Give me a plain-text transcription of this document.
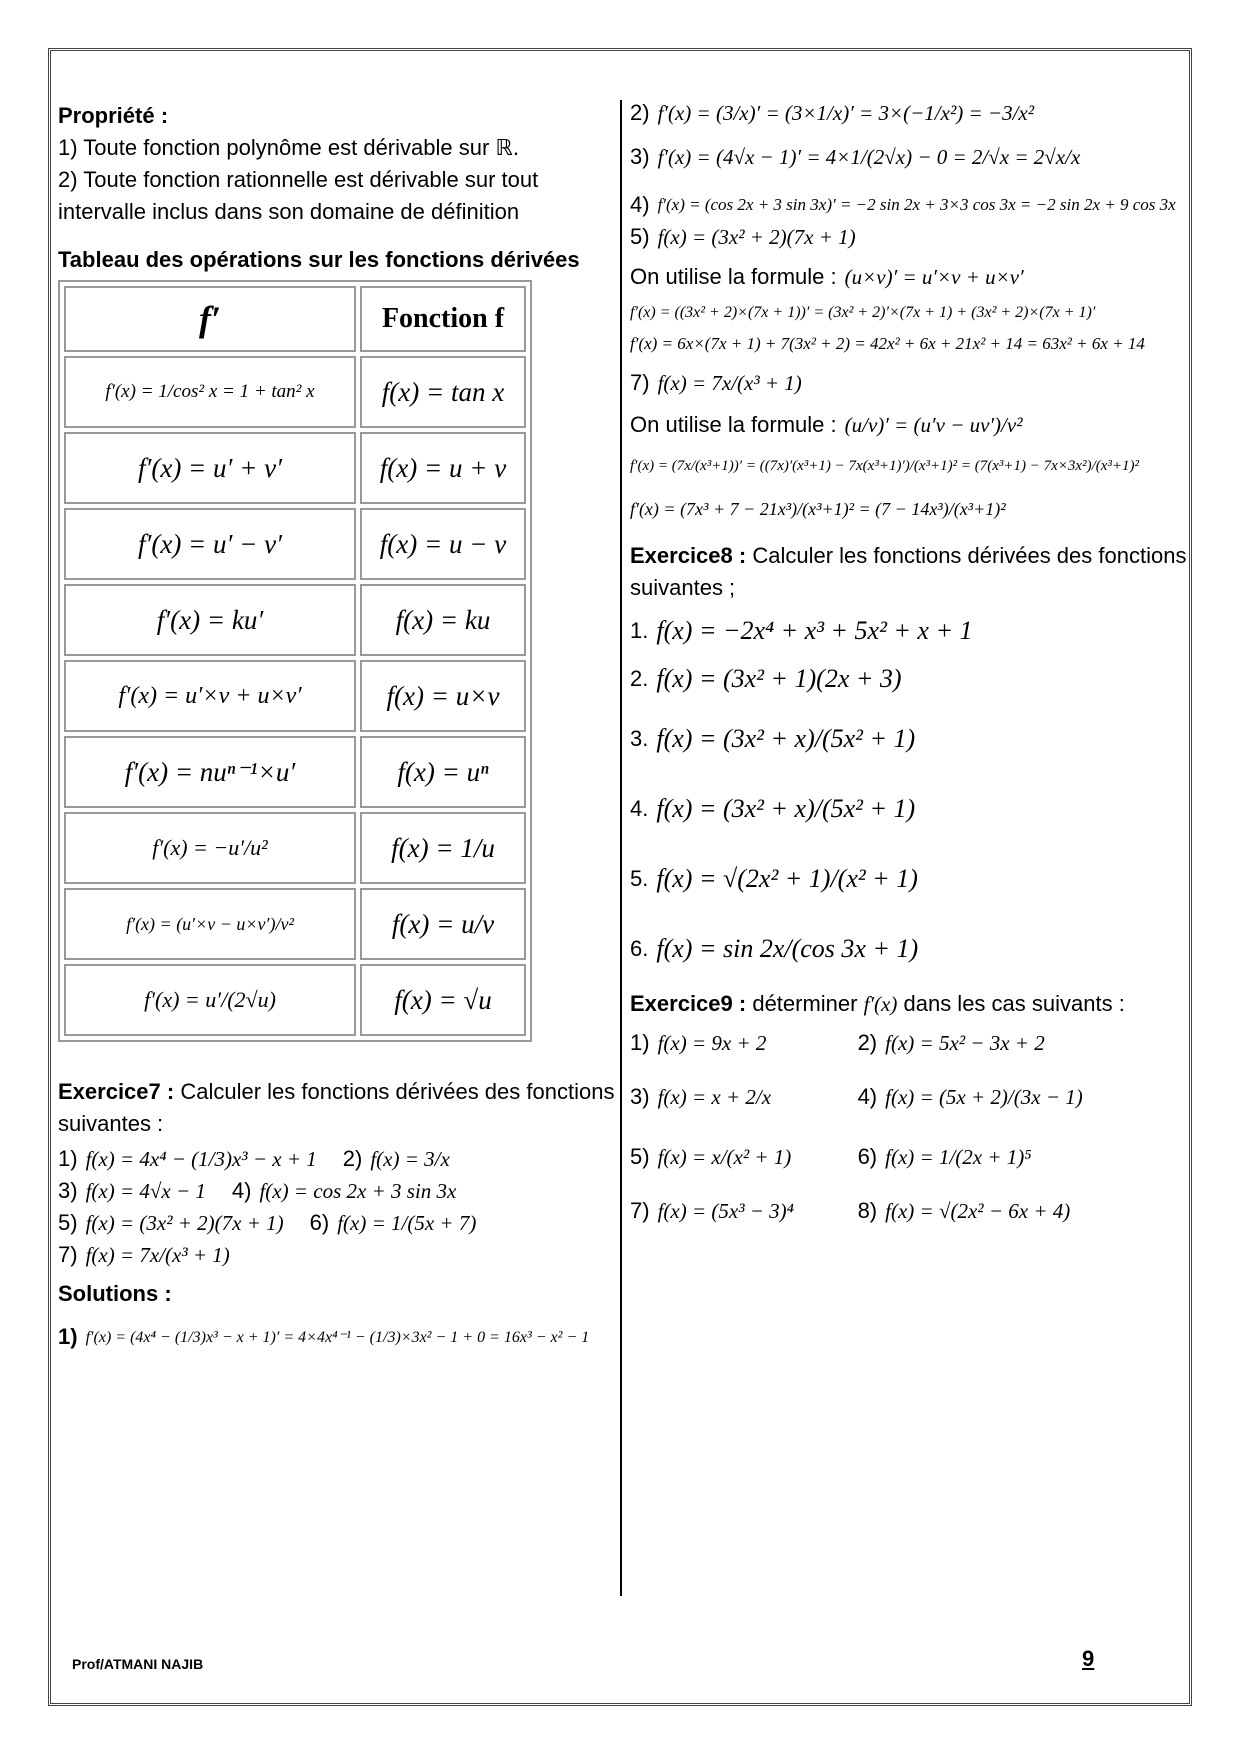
Propriété :
1) Toute fonction polynôme est dérivable sur ℝ.
2) Toute fonction rationnelle est dérivable sur tout intervalle inclus dans son domaine de définition
Tableau des opérations sur les fonctions dérivées
f′	Fonction f
f′(x) = 1/cos² x = 1 + tan² x	f(x) = tan x
f′(x) = u′ + v′	f(x) = u + v
f′(x) = u′ − v′	f(x) = u − v
f′(x) = ku′	f(x) = ku
f′(x) = u′×v + u×v′	f(x) = u×v
f′(x) = nuⁿ⁻¹×u′	f(x) = uⁿ
f′(x) = −u′/u²	f(x) = 1/u
f′(x) = (u′×v − u×v′)/v²	f(x) = u/v
f′(x) = u′/(2√u)	f(x) = √u
Exercice7 : Calculer les fonctions dérivées des fonctions suivantes :
1) f(x) = 4x⁴ − (1/3)x³ − x + 1 2) f(x) = 3/x
3) f(x) = 4√x − 1 4) f(x) = cos 2x + 3 sin 3x
5) f(x) = (3x² + 2)(7x + 1) 6) f(x) = 1/(5x + 7)
7) f(x) = 7x/(x³ + 1)
Solutions :
1) f′(x) = (4x⁴ − (1/3)x³ − x + 1)′ = 4×4x⁴⁻¹ − (1/3)×3x² − 1 + 0 = 16x³ − x² − 1
2) f′(x) = (3/x)′ = (3×1/x)′ = 3×(−1/x²) = −3/x²
3) f′(x) = (4√x − 1)′ = 4×1/(2√x) − 0 = 2/√x = 2√x/x
4) f′(x) = (cos 2x + 3 sin 3x)′ = −2 sin 2x + 3×3 cos 3x = −2 sin 2x + 9 cos 3x
5) f(x) = (3x² + 2)(7x + 1)
On utilise la formule : (u×v)′ = u′×v + u×v′
f′(x) = ((3x² + 2)×(7x + 1))′ = (3x² + 2)′×(7x + 1) + (3x² + 2)×(7x + 1)′
f′(x) = 6x×(7x + 1) + 7(3x² + 2) = 42x² + 6x + 21x² + 14 = 63x² + 6x + 14
7) f(x) = 7x/(x³ + 1)
On utilise la formule : (u/v)′ = (u′v − uv′)/v²
f′(x) = (7x/(x³+1))′ = ((7x)′(x³+1) − 7x(x³+1)′)/(x³+1)² = (7(x³+1) − 7x×3x²)/(x³+1)²
f′(x) = (7x³ + 7 − 21x³)/(x³+1)² = (7 − 14x³)/(x³+1)²
Exercice8 : Calculer les fonctions dérivées des fonctions suivantes ;
1. f(x) = −2x⁴ + x³ + 5x² + x + 1
2. f(x) = (3x² + 1)(2x + 3)
3. f(x) = (3x² + x)/(5x² + 1)
4. f(x) = (3x² + x)/(5x² + 1)
5. f(x) = √(2x² + 1)/(x² + 1)
6. f(x) = sin 2x/(cos 3x + 1)
Exercice9 : déterminer f′(x) dans les cas suivants :
1) f(x) = 9x + 2	2) f(x) = 5x² − 3x + 2
3) f(x) = x + 2/x	4) f(x) = (5x + 2)/(3x − 1)
5) f(x) = x/(x² + 1)	6) f(x) = 1/(2x + 1)⁵
7) f(x) = (5x³ − 3)⁴	8) f(x) = √(2x² − 6x + 4)
Prof/ATMANI NAJIB	9
